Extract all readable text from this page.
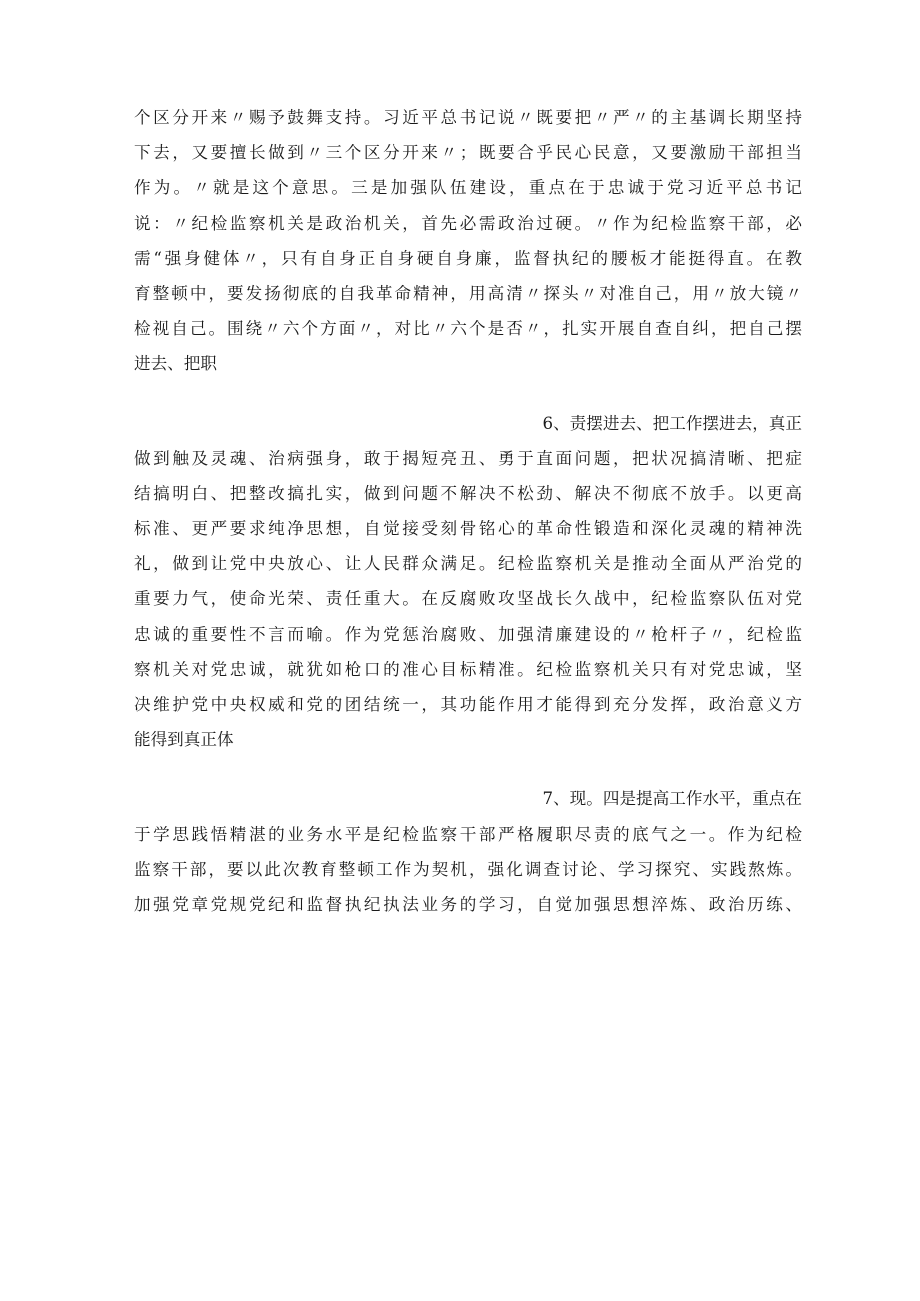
个区分开来〃赐予鼓舞支持。习近平总书记说〃既要把〃严〃的主基调长期坚持
下去，又要擅长做到〃三个区分开来〃；既要合乎民心民意，又要激励干部担当
作为。〃就是这个意思。三是加强队伍建设，重点在于忠诚于党习近平总书记
说：〃纪检监察机关是政治机关，首先必需政治过硬。〃作为纪检监察干部，必
需“强身健体〃，只有自身正自身硬自身廉，监督执纪的腰板才能挺得直。在教
育整顿中，要发扬彻底的自我革命精神，用高清〃探头〃对准自己，用〃放大镜〃
检视自己。围绕〃六个方面〃，对比〃六个是否〃，扎实开展自查自纠，把自己摆
进去、把职
6、责摆进去、把工作摆进去，真正
做到触及灵魂、治病强身，敢于揭短亮丑、勇于直面问题，把状况搞清晰、把症
结搞明白、把整改搞扎实，做到问题不解决不松劲、解决不彻底不放手。以更高
标准、更严要求纯净思想，自觉接受刻骨铭心的革命性锻造和深化灵魂的精神洗
礼，做到让党中央放心、让人民群众满足。纪检监察机关是推动全面从严治党的
重要力气，使命光荣、责任重大。在反腐败攻坚战长久战中，纪检监察队伍对党
忠诚的重要性不言而喻。作为党惩治腐败、加强清廉建设的〃枪杆子〃，纪检监
察机关对党忠诚，就犹如枪口的准心目标精准。纪检监察机关只有对党忠诚，坚
决维护党中央权威和党的团结统一，其功能作用才能得到充分发挥，政治意义方
能得到真正体
7、现。四是提高工作水平，重点在
于学思践悟精湛的业务水平是纪检监察干部严格履职尽责的底气之一。作为纪检
监察干部，要以此次教育整顿工作为契机，强化调查讨论、学习探究、实践熬炼。
加强党章党规党纪和监督执纪执法业务的学习，自觉加强思想淬炼、政治历练、
